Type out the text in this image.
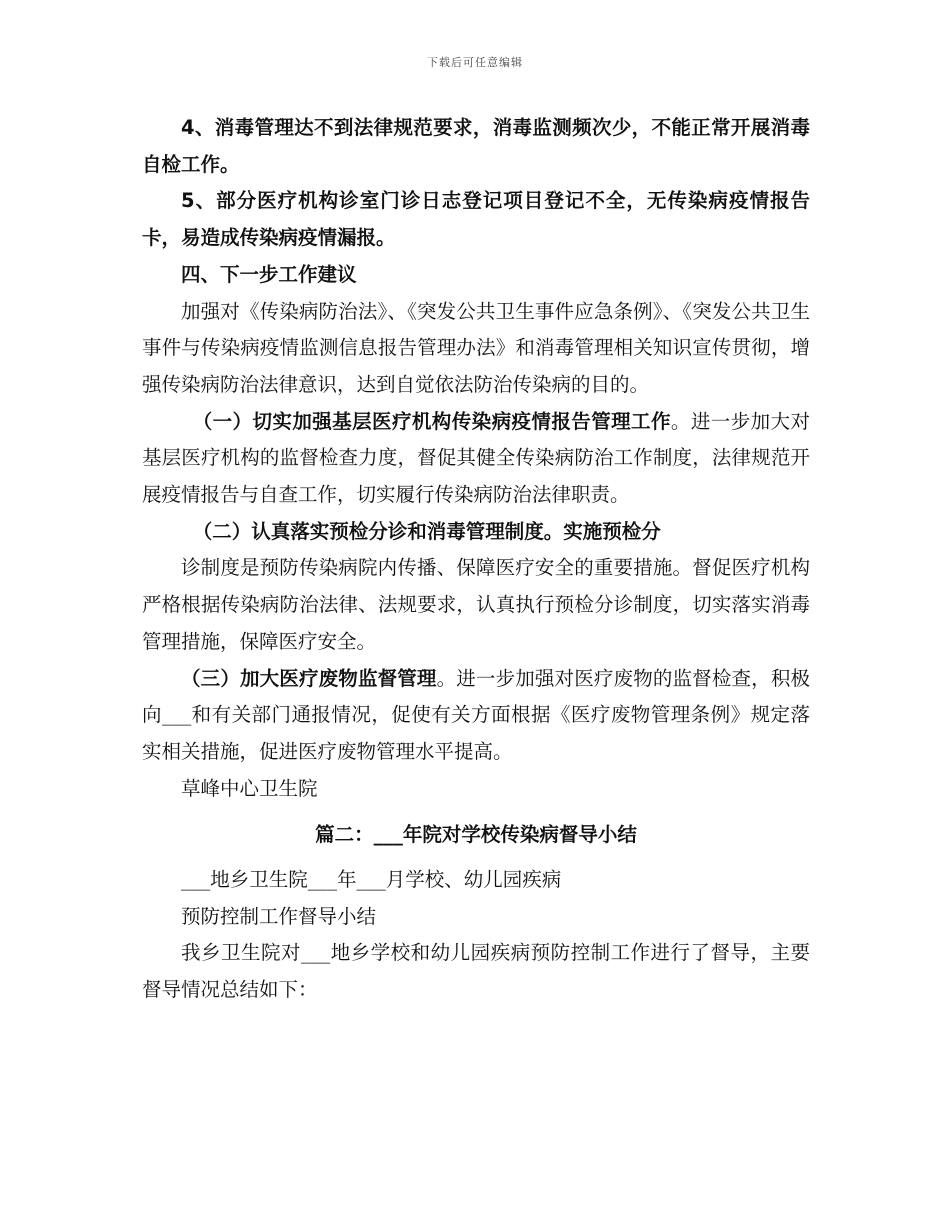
下载后可任意编辑

4、消毒管理达不到法律规范要求，消毒监测频次少，不能正常开展消毒自检工作。

5、部分医疗机构诊室门诊日志登记项目登记不全，无传染病疫情报告卡，易造成传染病疫情漏报。

四、下一步工作建议

加强对《传染病防治法》、《突发公共卫生事件应急条例》、《突发公共卫生事件与传染病疫情监测信息报告管理办法》和消毒管理相关知识宣传贯彻，增强传染病防治法律意识，达到自觉依法防治传染病的目的。

（一）切实加强基层医疗机构传染病疫情报告管理工作。进一步加大对基层医疗机构的监督检查力度，督促其健全传染病防治工作制度，法律规范开展疫情报告与自查工作，切实履行传染病防治法律职责。

（二）认真落实预检分诊和消毒管理制度。实施预检分

诊制度是预防传染病院内传播、保障医疗安全的重要措施。督促医疗机构严格根据传染病防治法律、法规要求，认真执行预检分诊制度，切实落实消毒管理措施，保障医疗安全。

（三）加大医疗废物监督管理。进一步加强对医疗废物的监督检查，积极向___和有关部门通报情况，促使有关方面根据《医疗废物管理条例》规定落实相关措施，促进医疗废物管理水平提高。

草峰中心卫生院

篇二：___年院对学校传染病督导小结

___地乡卫生院___年___月学校、幼儿园疾病

预防控制工作督导小结

我乡卫生院对___地乡学校和幼儿园疾病预防控制工作进行了督导，主要督导情况总结如下：
